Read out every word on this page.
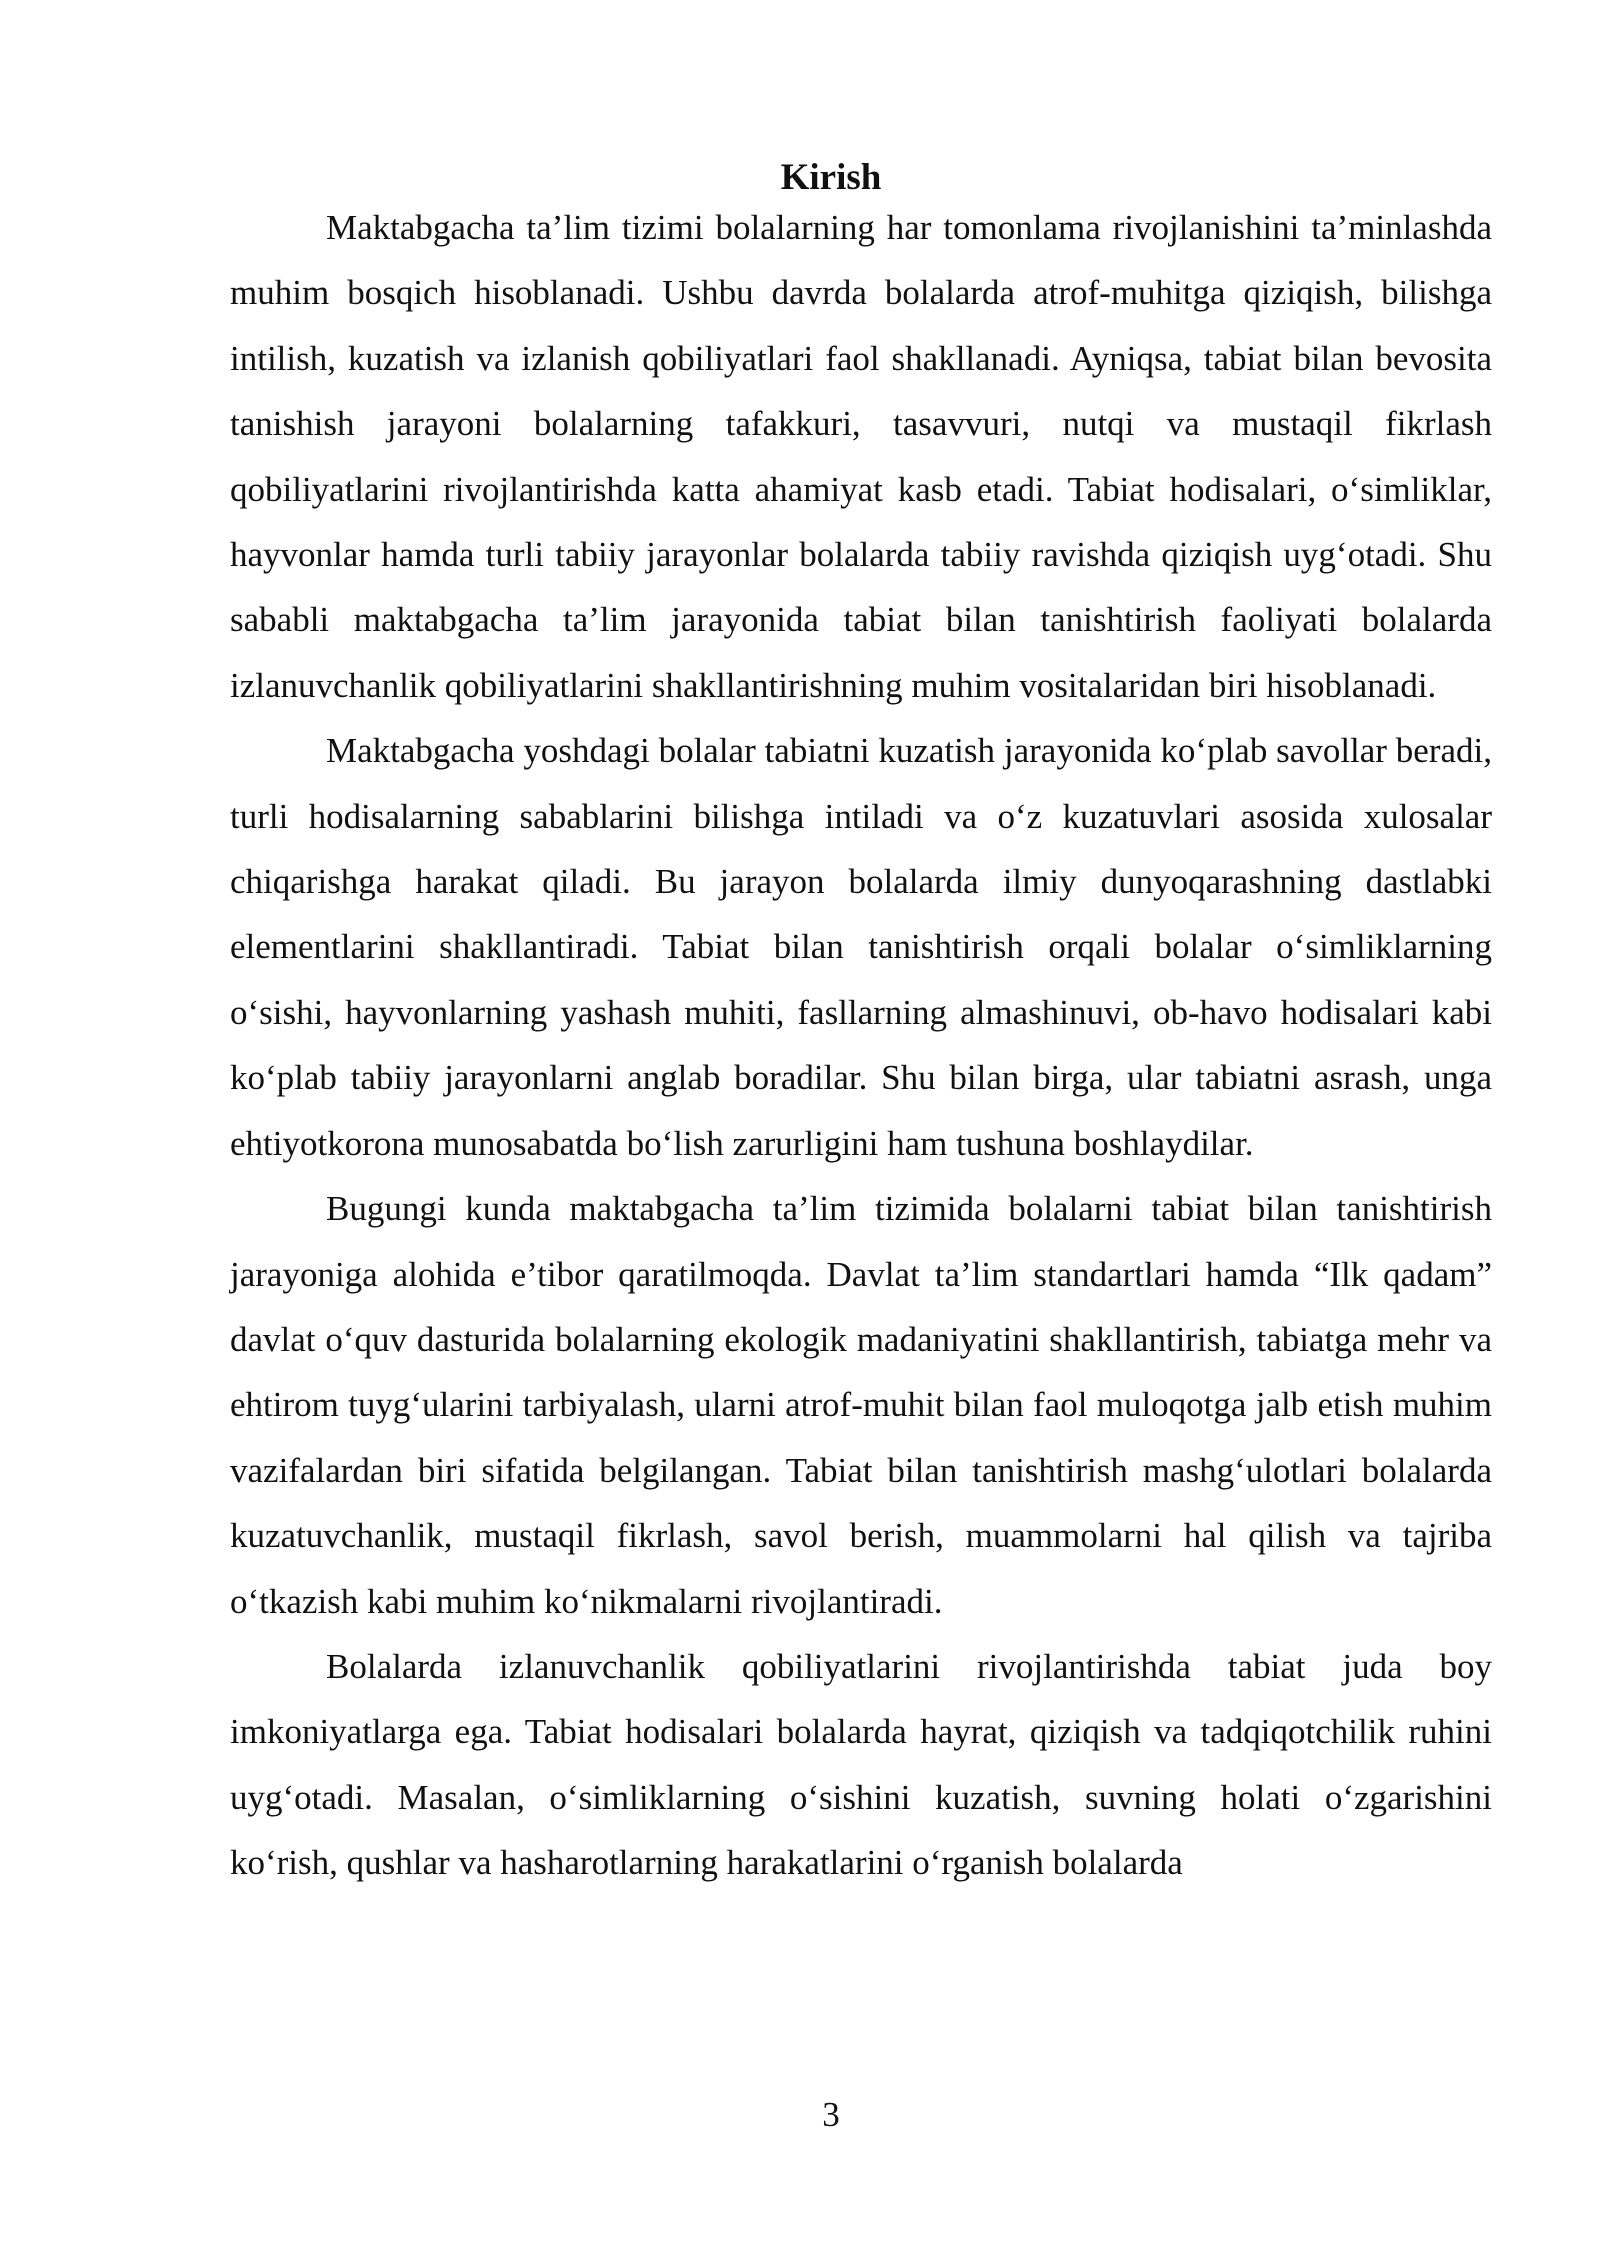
Kirish

Maktabgacha ta’lim tizimi bolalarning har tomonlama rivojlanishini ta’minlashda muhim bosqich hisoblanadi. Ushbu davrda bolalarda atrof-muhitga qiziqish, bilishga intilish, kuzatish va izlanish qobiliyatlari faol shakllanadi. Ayniqsa, tabiat bilan bevosita tanishish jarayoni bolalarning tafakkuri, tasavvuri, nutqi va mustaqil fikrlash qobiliyatlarini rivojlantirishda katta ahamiyat kasb etadi. Tabiat hodisalari, o‘simliklar, hayvonlar hamda turli tabiiy jarayonlar bolalarda tabiiy ravishda qiziqish uyg‘otadi. Shu sababli maktabgacha ta’lim jarayonida tabiat bilan tanishtirish faoliyati bolalarda izlanuvchanlik qobiliyatlarini shakllantirishning muhim vositalaridan biri hisoblanadi.

Maktabgacha yoshdagi bolalar tabiatni kuzatish jarayonida ko‘plab savollar beradi, turli hodisalarning sabablarini bilishga intiladi va o‘z kuzatuvlari asosida xulosalar chiqarishga harakat qiladi. Bu jarayon bolalarda ilmiy dunyoqarashning dastlabki elementlarini shakllantiradi. Tabiat bilan tanishtirish orqali bolalar o‘simliklarning o‘sishi, hayvonlarning yashash muhiti, fasllarning almashinuvi, ob-havo hodisalari kabi ko‘plab tabiiy jarayonlarni anglab boradilar. Shu bilan birga, ular tabiatni asrash, unga ehtiyotkorona munosabatda bo‘lish zarurligini ham tushuna boshlaydilar.

Bugungi kunda maktabgacha ta’lim tizimida bolalarni tabiat bilan tanishtirish jarayoniga alohida e’tibor qaratilmoqda. Davlat ta’lim standartlari hamda “Ilk qadam” davlat o‘quv dasturida bolalarning ekologik madaniyatini shakllantirish, tabiatga mehr va ehtirom tuyg‘ularini tarbiyalash, ularni atrof-muhit bilan faol muloqotga jalb etish muhim vazifalardan biri sifatida belgilangan. Tabiat bilan tanishtirish mashg‘ulotlari bolalarda kuzatuvchanlik, mustaqil fikrlash, savol berish, muammolarni hal qilish va tajriba o‘tkazish kabi muhim ko‘nikmalarni rivojlantiradi.

Bolalarda izlanuvchanlik qobiliyatlarini rivojlantirishda tabiat juda boy imkoniyatlarga ega. Tabiat hodisalari bolalarda hayrat, qiziqish va tadqiqotchilik ruhini uyg‘otadi. Masalan, o‘simliklarning o‘sishini kuzatish, suvning holati o‘zgarishini ko‘rish, qushlar va hasharotlarning harakatlarini o‘rganish bolalarda

3
